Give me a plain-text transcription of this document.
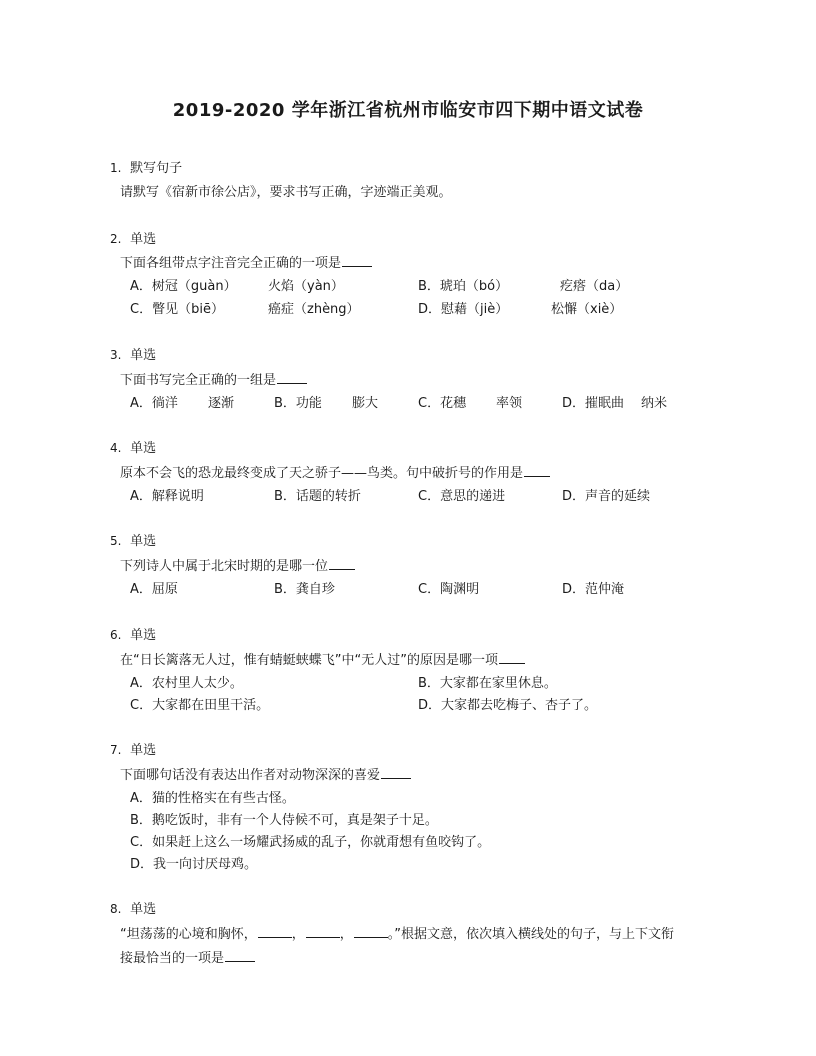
2019-2020 学年浙江省杭州市临安市四下期中语文试卷
1. 默写句子
请默写《宿新市徐公店》，要求书写正确，字迹端正美观。
2. 单选
下面各组带点字注音完全正确的一项是
A．树冠（guàn） 火焰（yàn）	B．琥珀（bó）	疙瘩（da）
C．瞥见（biē）	癌症（zhèng）	D．慰藉（jiè）	松懈（xiè）
3. 单选
下面书写完全正确的一组是
A．徜洋 逐渐	B．功能 膨大	C．花穗 率领	D．摧眠曲 纳米
4. 单选
原本不会飞的恐龙最终变成了天之骄子——鸟类。句中破折号的作用是
A．解释说明	B．话题的转折	C．意思的递进	D．声音的延续
5. 单选
下列诗人中属于北宋时期的是哪一位
A．屈原	B．龚自珍	C．陶渊明	D．范仲淹
6. 单选
在“日长篱落无人过，惟有蜻蜓蛱蝶飞”中“无人过”的原因是哪一项
A．农村里人太少。	B．大家都在家里休息。
C．大家都在田里干活。	D．大家都去吃梅子、杏子了。
7. 单选
下面哪句话没有表达出作者对动物深深的喜爱
A．猫的性格实在有些古怪。
B．鹅吃饭时，非有一个人侍候不可，真是架子十足。
C．如果赶上这么一场耀武扬威的乱子，你就甭想有鱼咬钩了。
D．我一向讨厌母鸡。
8. 单选
“坦荡荡的心境和胸怀，	，	，	。”根据文意，依次填入横线处的句子，与上下文衔
接最恰当的一项是
